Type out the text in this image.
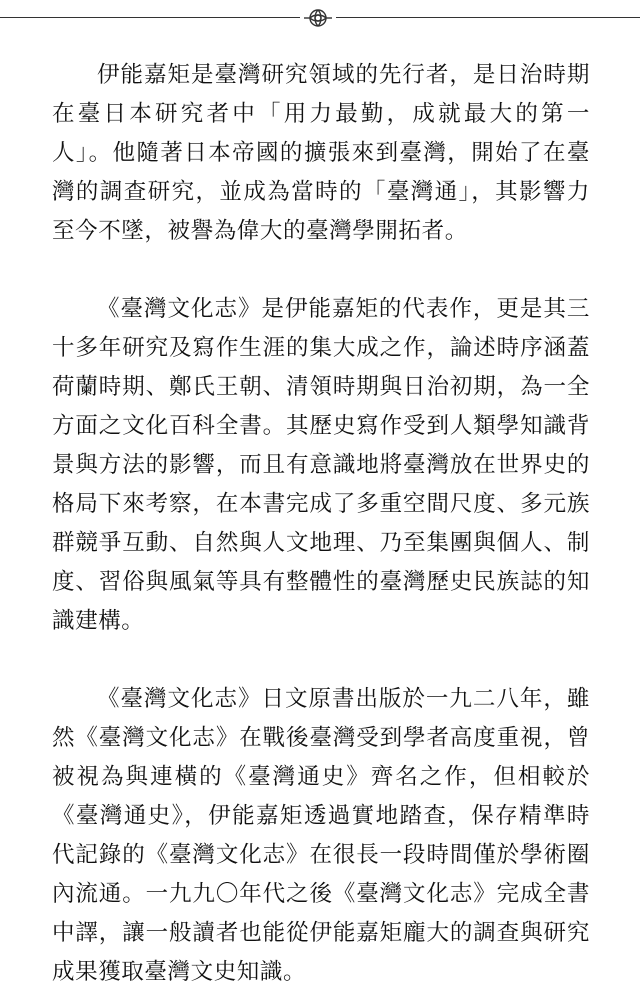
伊能嘉矩是臺灣研究領域的先行者，是日治時期在臺日本研究者中「用力最勤，成就最大的第一人」。他隨著日本帝國的擴張來到臺灣，開始了在臺灣的調查研究，並成為當時的「臺灣通」，其影響力至今不墜，被譽為偉大的臺灣學開拓者。

《臺灣文化志》是伊能嘉矩的代表作，更是其三十多年研究及寫作生涯的集大成之作，論述時序涵蓋荷蘭時期、鄭氏王朝、清領時期與日治初期，為一全方面之文化百科全書。其歷史寫作受到人類學知識背景與方法的影響，而且有意識地將臺灣放在世界史的格局下來考察，在本書完成了多重空間尺度、多元族群競爭互動、自然與人文地理、乃至集團與個人、制度、習俗與風氣等具有整體性的臺灣歷史民族誌的知識建構。

《臺灣文化志》日文原書出版於一九二八年，雖然《臺灣文化志》在戰後臺灣受到學者高度重視，曾被視為與連橫的《臺灣通史》齊名之作，但相較於《臺灣通史》，伊能嘉矩透過實地踏查，保存精準時代記錄的《臺灣文化志》在很長一段時間僅於學術圈內流通。一九九〇年代之後《臺灣文化志》完成全書中譯，讓一般讀者也能從伊能嘉矩龐大的調查與研究成果獲取臺灣文史知識。
